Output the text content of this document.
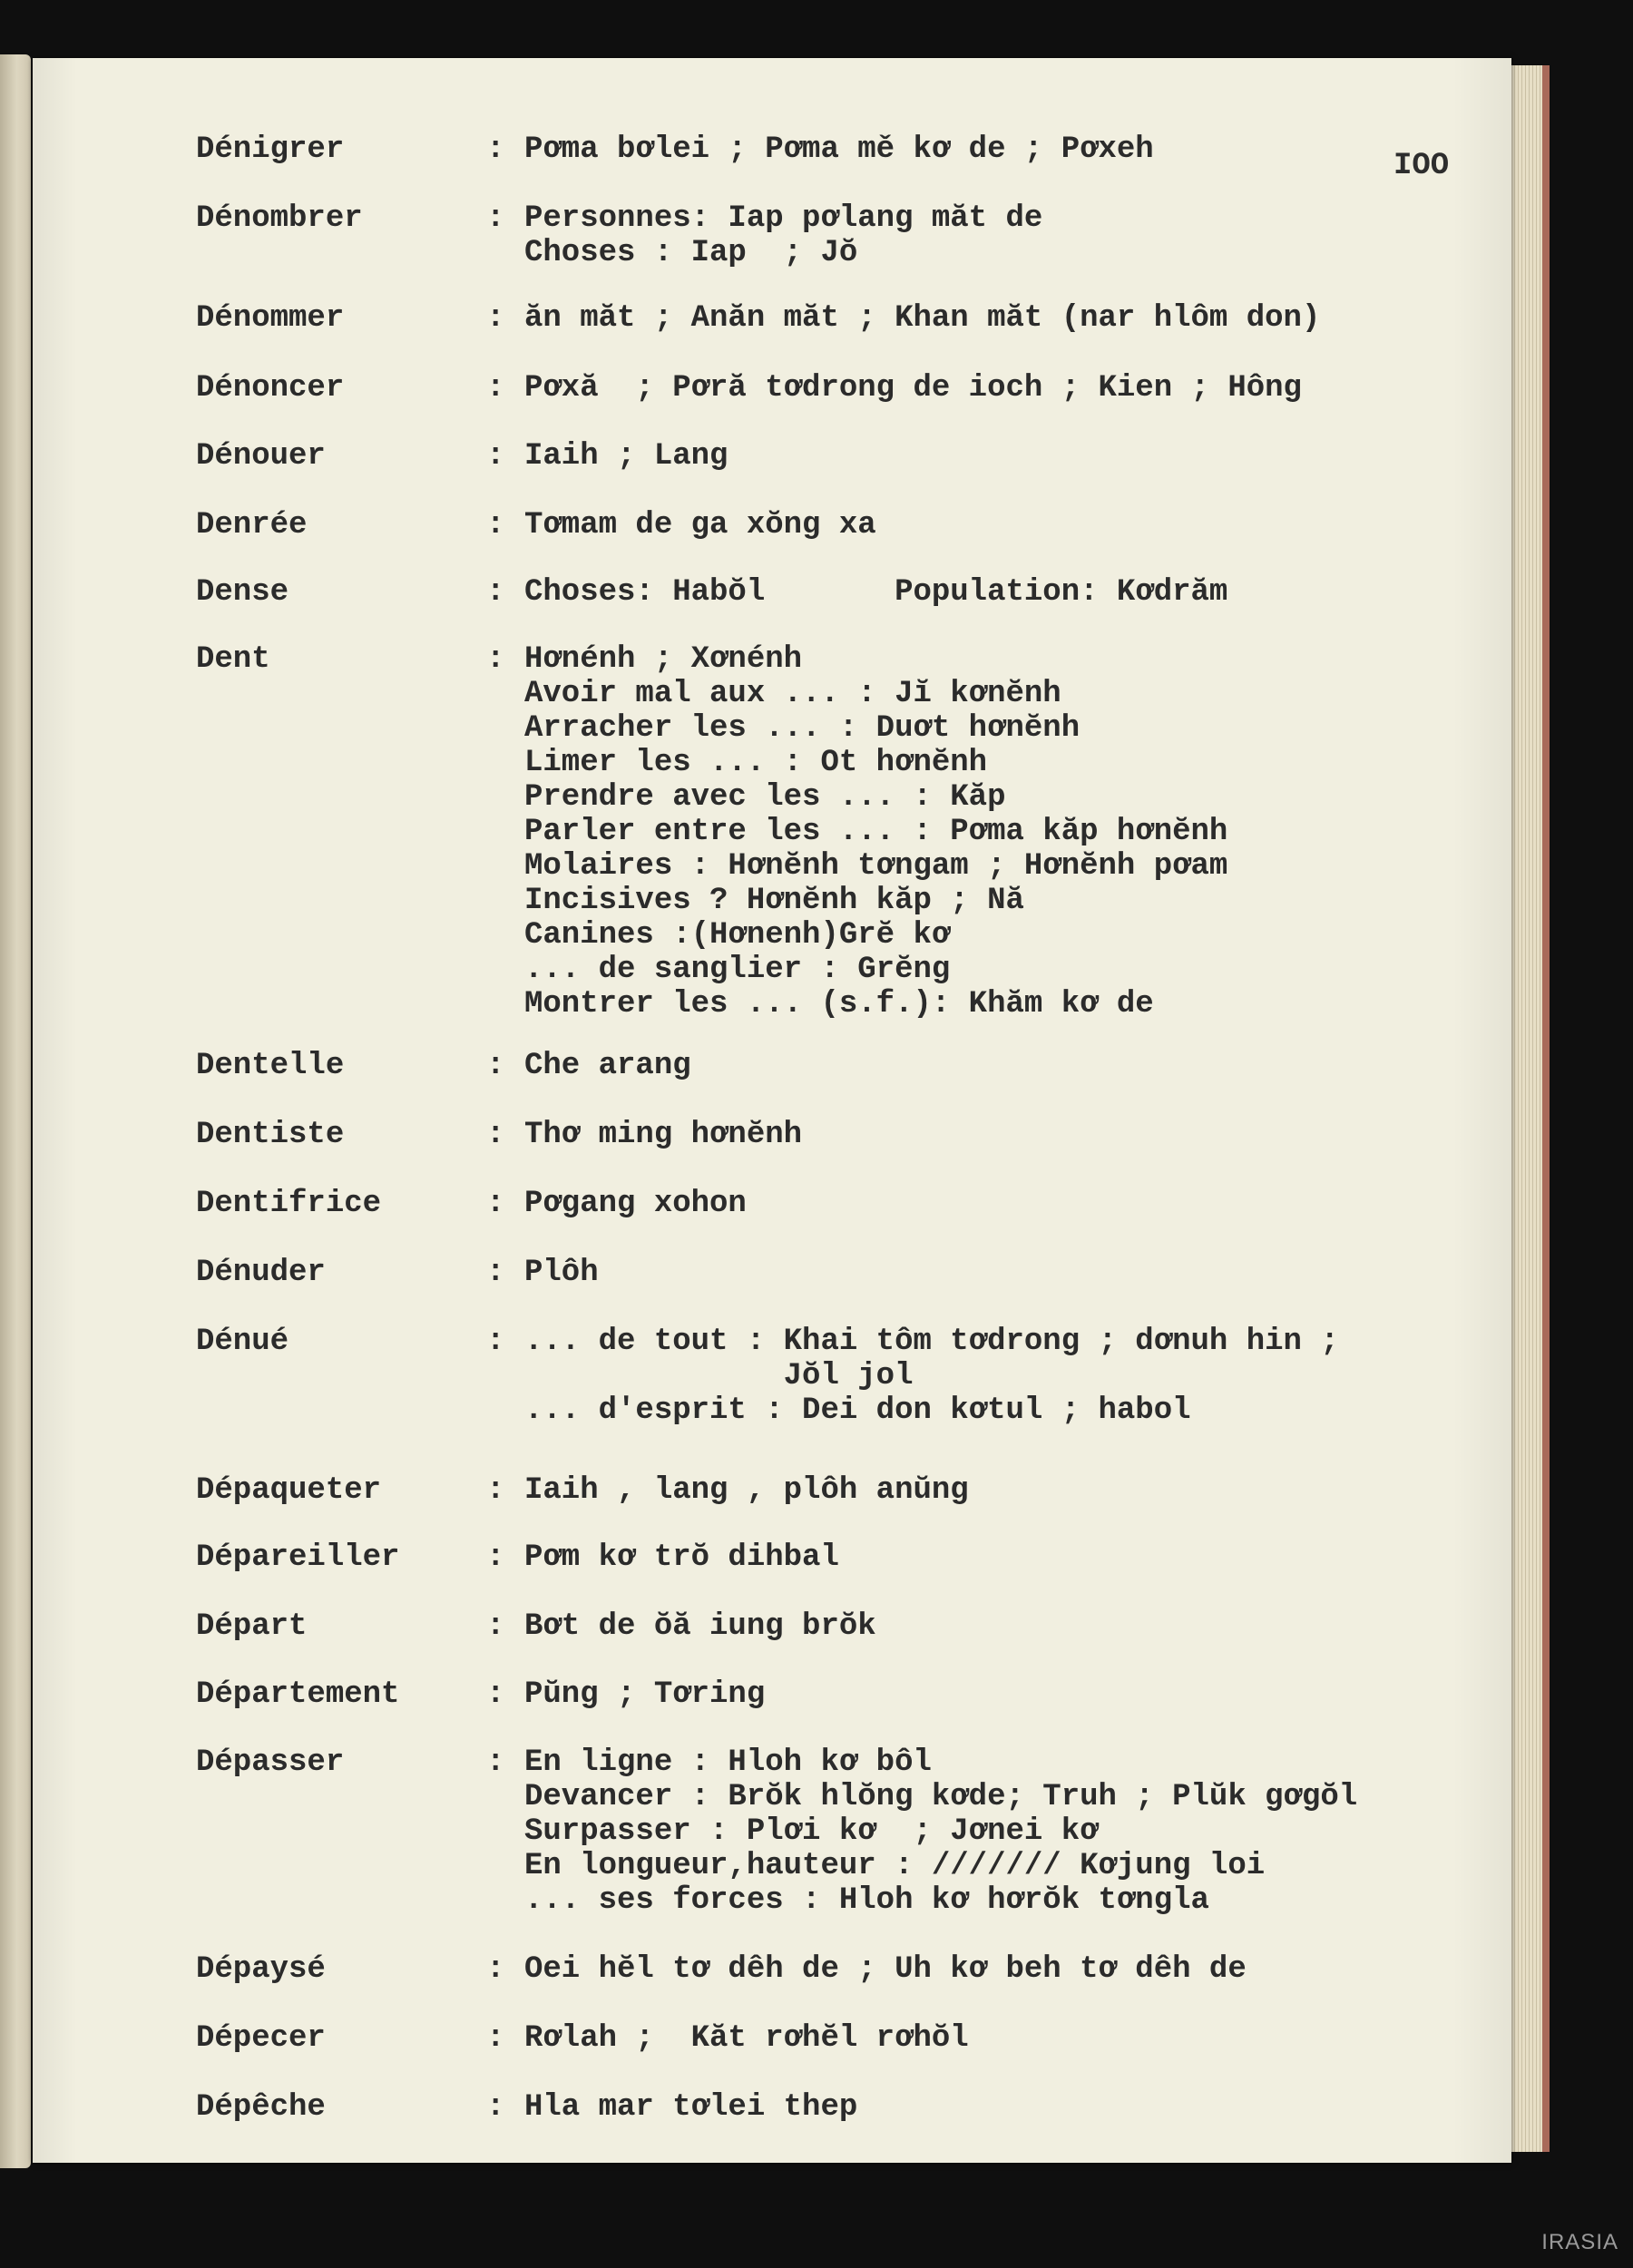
IOO
Dénigrer	: Pơma bơlei ; Pơma mě kơ de ; Pơxeh
Dénombrer	: Personnes: Iap pơlang măt de
Choses : Iap  ; Jŏ
Dénommer	: ăn măt ; Anăn măt ; Khan măt (nar hlôm don)
Dénoncer	: Pơxă  ; Pơră tơdrong de ioch ; Kien ; Hông
Dénouer	: Iaih ; Lang
Denrée	: Tơmam de ga xŏng xa
Dense	: Choses: Habŏl       Population: Kơdrăm
Dent	: Hơnénh ; Xơnénh
Avoir mal aux ... : Jĭ kơnĕnh
Arracher les ... : Duơt hơnĕnh
Limer les ... : Ot hơnĕnh
Prendre avec les ... : Kăp
Parler entre les ... : Pơma kăp hơnĕnh
Molaires : Hơnĕnh tơngam ; Hơnĕnh pơam
Incisives ? Hơnĕnh kăp ; Nă
Canines :(Hơnenh)Grĕ kơ
... de sanglier : Grĕng
Montrer les ... (s.f.): Khăm kơ de
Dentelle	: Che arang
Dentiste	: Thơ ming hơnĕnh
Dentifrice	: Pơgang xohon
Dénuder	: Plôh
Dénué	: ... de tout : Khai tôm tơdrong ; dơnuh hin ;
Jŏl jol
... d'esprit : Dei don kơtul ; habol
Dépaqueter	: Iaih , lang , plôh anŭng
Dépareiller	: Pơm kơ trŏ dihbal
Départ	: Bơt de ŏă iung brŏk
Département	: Pŭng ; Tơring
Dépasser	: En ligne : Hloh kơ bôl
Devancer : Brŏk hlŏng kơde; Truh ; Plŭk gơgŏl
Surpasser : Plơi kơ  ; Jơnei kơ
En longueur,hauteur : /////// Kơjung loi
... ses forces : Hloh kơ hơrŏk tơngla
Dépaysé	: Oei hĕl tơ dêh de ; Uh kơ beh tơ dêh de
Dépecer	: Rơlah ;  Kăt rơhĕl rơhŏl
Dépêche	: Hla mar tơlei thep
IRASIA
